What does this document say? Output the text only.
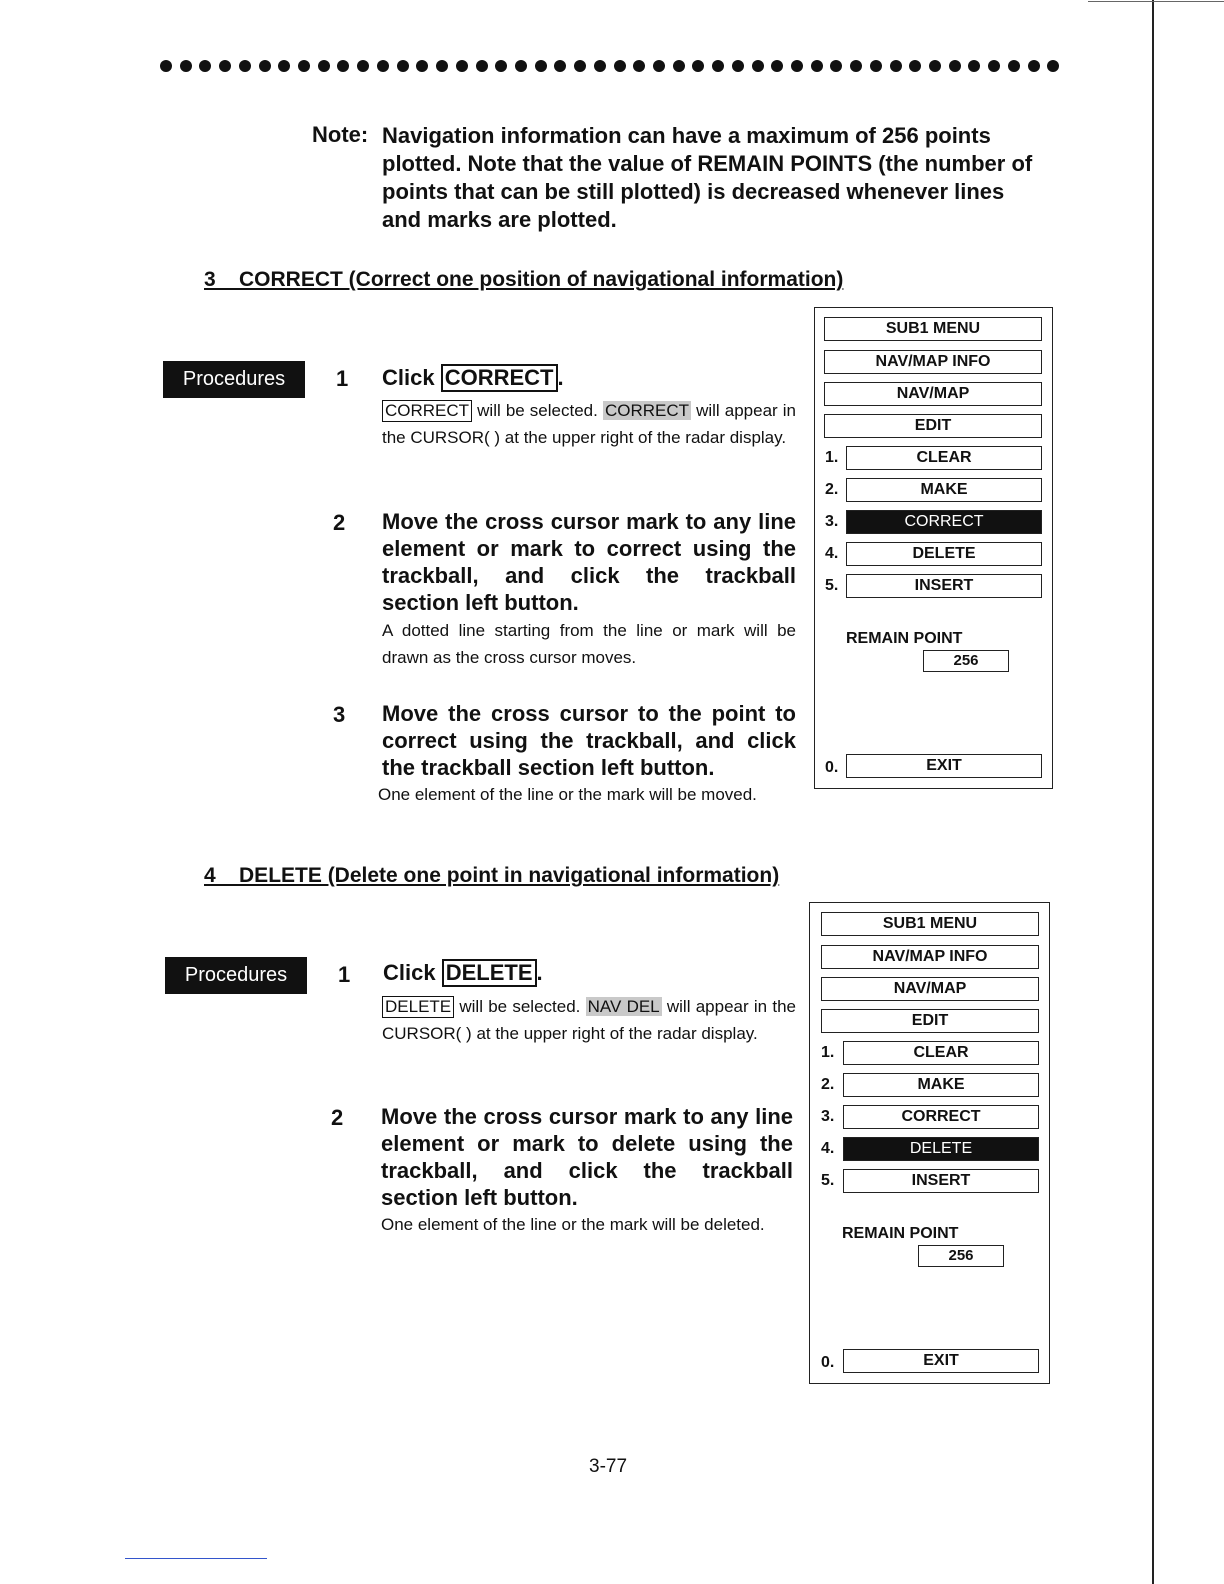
Note: Navigation information can have a maximum of 256 points plotted. Note that the value of REMAIN POINTS (the number of points that can be still plotted) is decreased whenever lines and marks are plotted.
3    CORRECT (Correct one position of navigational information)
Procedures	1 Click CORRECT .
CORRECT will be selected. CORRECT will appear in the CURSOR( ) at the upper right of the radar display.
2 Move the cross cursor mark to any line element or mark to correct using the trackball, and click the trackball section left button.
A dotted line starting from the line or mark will be drawn as the cross cursor moves.
3 Move the cross cursor to the point to correct using the trackball, and click the trackball section left button.
One element of the line or the mark will be moved.
SUB1 MENU
NAV/MAP INFO
NAV/MAP
EDIT
1.	CLEAR
2.	MAKE
3.	CORRECT
4.	DELETE
5.	INSERT
REMAIN POINT
256
0.	EXIT
4    DELETE (Delete one point in navigational information)
Procedures	1 Click DELETE .
DELETE will be selected. NAV DEL will appear in the CURSOR( ) at the upper right of the radar display.
2 Move the cross cursor mark to any line element or mark to delete using the trackball, and click the trackball section left button.
One element of the line or the mark will be deleted.
SUB1 MENU
NAV/MAP INFO
NAV/MAP
EDIT
1.	CLEAR
2.	MAKE
3.	CORRECT
4.	DELETE
5.	INSERT
REMAIN POINT
256
0.	EXIT
3-77
